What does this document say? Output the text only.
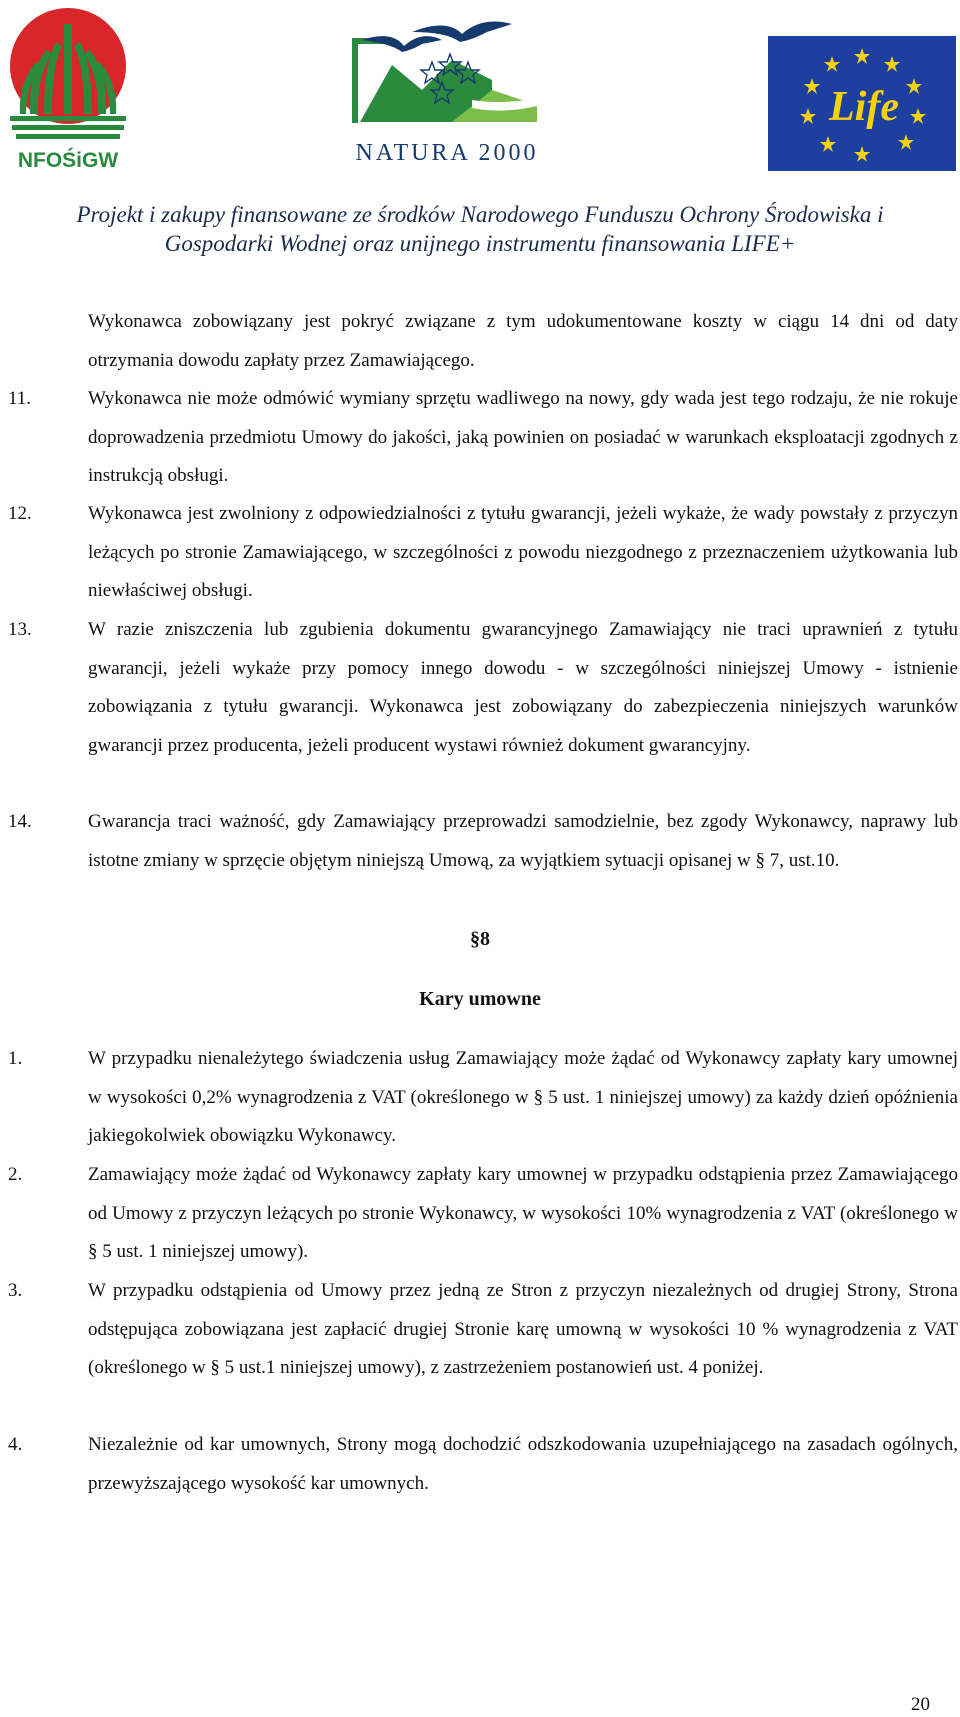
NFOŚiGW	NATURA 2000
Life
Projekt i zakupy finansowane ze środków Narodowego Funduszu Ochrony Środowiska i
Gospodarki Wodnej oraz unijnego instrumentu finansowania LIFE+
Wykonawca zobowiązany jest pokryć związane z tym udokumentowane koszty w ciągu 14 dni od daty otrzymania dowodu zapłaty przez Zamawiającego.
11.	Wykonawca nie może odmówić wymiany sprzętu wadliwego na nowy, gdy wada jest tego rodzaju, że nie rokuje doprowadzenia przedmiotu Umowy do jakości, jaką powinien on posiadać w warunkach eksploatacji zgodnych z instrukcją obsługi.
12.	Wykonawca jest zwolniony z odpowiedzialności z tytułu gwarancji, jeżeli wykaże, że wady powstały z przyczyn leżących po stronie Zamawiającego, w szczególności z powodu niezgodnego z przeznaczeniem użytkowania lub niewłaściwej obsługi.
13.	W razie zniszczenia lub zgubienia dokumentu gwarancyjnego Zamawiający nie traci uprawnień z tytułu gwarancji, jeżeli wykaże przy pomocy innego dowodu - w szczególności niniejszej Umowy - istnienie zobowiązania z tytułu gwarancji. Wykonawca jest zobowiązany do zabezpieczenia niniejszych warunków gwarancji przez producenta, jeżeli producent wystawi również dokument gwarancyjny.
14.	Gwarancja traci ważność, gdy Zamawiający przeprowadzi samodzielnie, bez zgody Wykonawcy, naprawy lub istotne zmiany w sprzęcie objętym niniejszą Umową, za wyjątkiem sytuacji opisanej w § 7, ust.10.
§8
Kary umowne
1.	W przypadku nienależytego świadczenia usług Zamawiający może żądać od Wykonawcy zapłaty kary umownej w wysokości 0,2% wynagrodzenia z VAT (określonego w § 5 ust. 1 niniejszej umowy) za każdy dzień opóźnienia jakiegokolwiek obowiązku Wykonawcy.
2.	Zamawiający może żądać od Wykonawcy zapłaty kary umownej w przypadku odstąpienia przez Zamawiającego od Umowy z przyczyn leżących po stronie Wykonawcy, w wysokości 10% wynagrodzenia z VAT (określonego w § 5 ust. 1 niniejszej umowy).
3.	W przypadku odstąpienia od Umowy przez jedną ze Stron z przyczyn niezależnych od drugiej Strony, Strona odstępująca zobowiązana jest zapłacić drugiej Stronie karę umowną w wysokości 10 % wynagrodzenia z VAT (określonego w § 5 ust.1 niniejszej umowy), z zastrzeżeniem postanowień ust. 4 poniżej.
4.	Niezależnie od kar umownych, Strony mogą dochodzić odszkodowania uzupełniającego na zasadach ogólnych, przewyższającego wysokość kar umownych.
20
